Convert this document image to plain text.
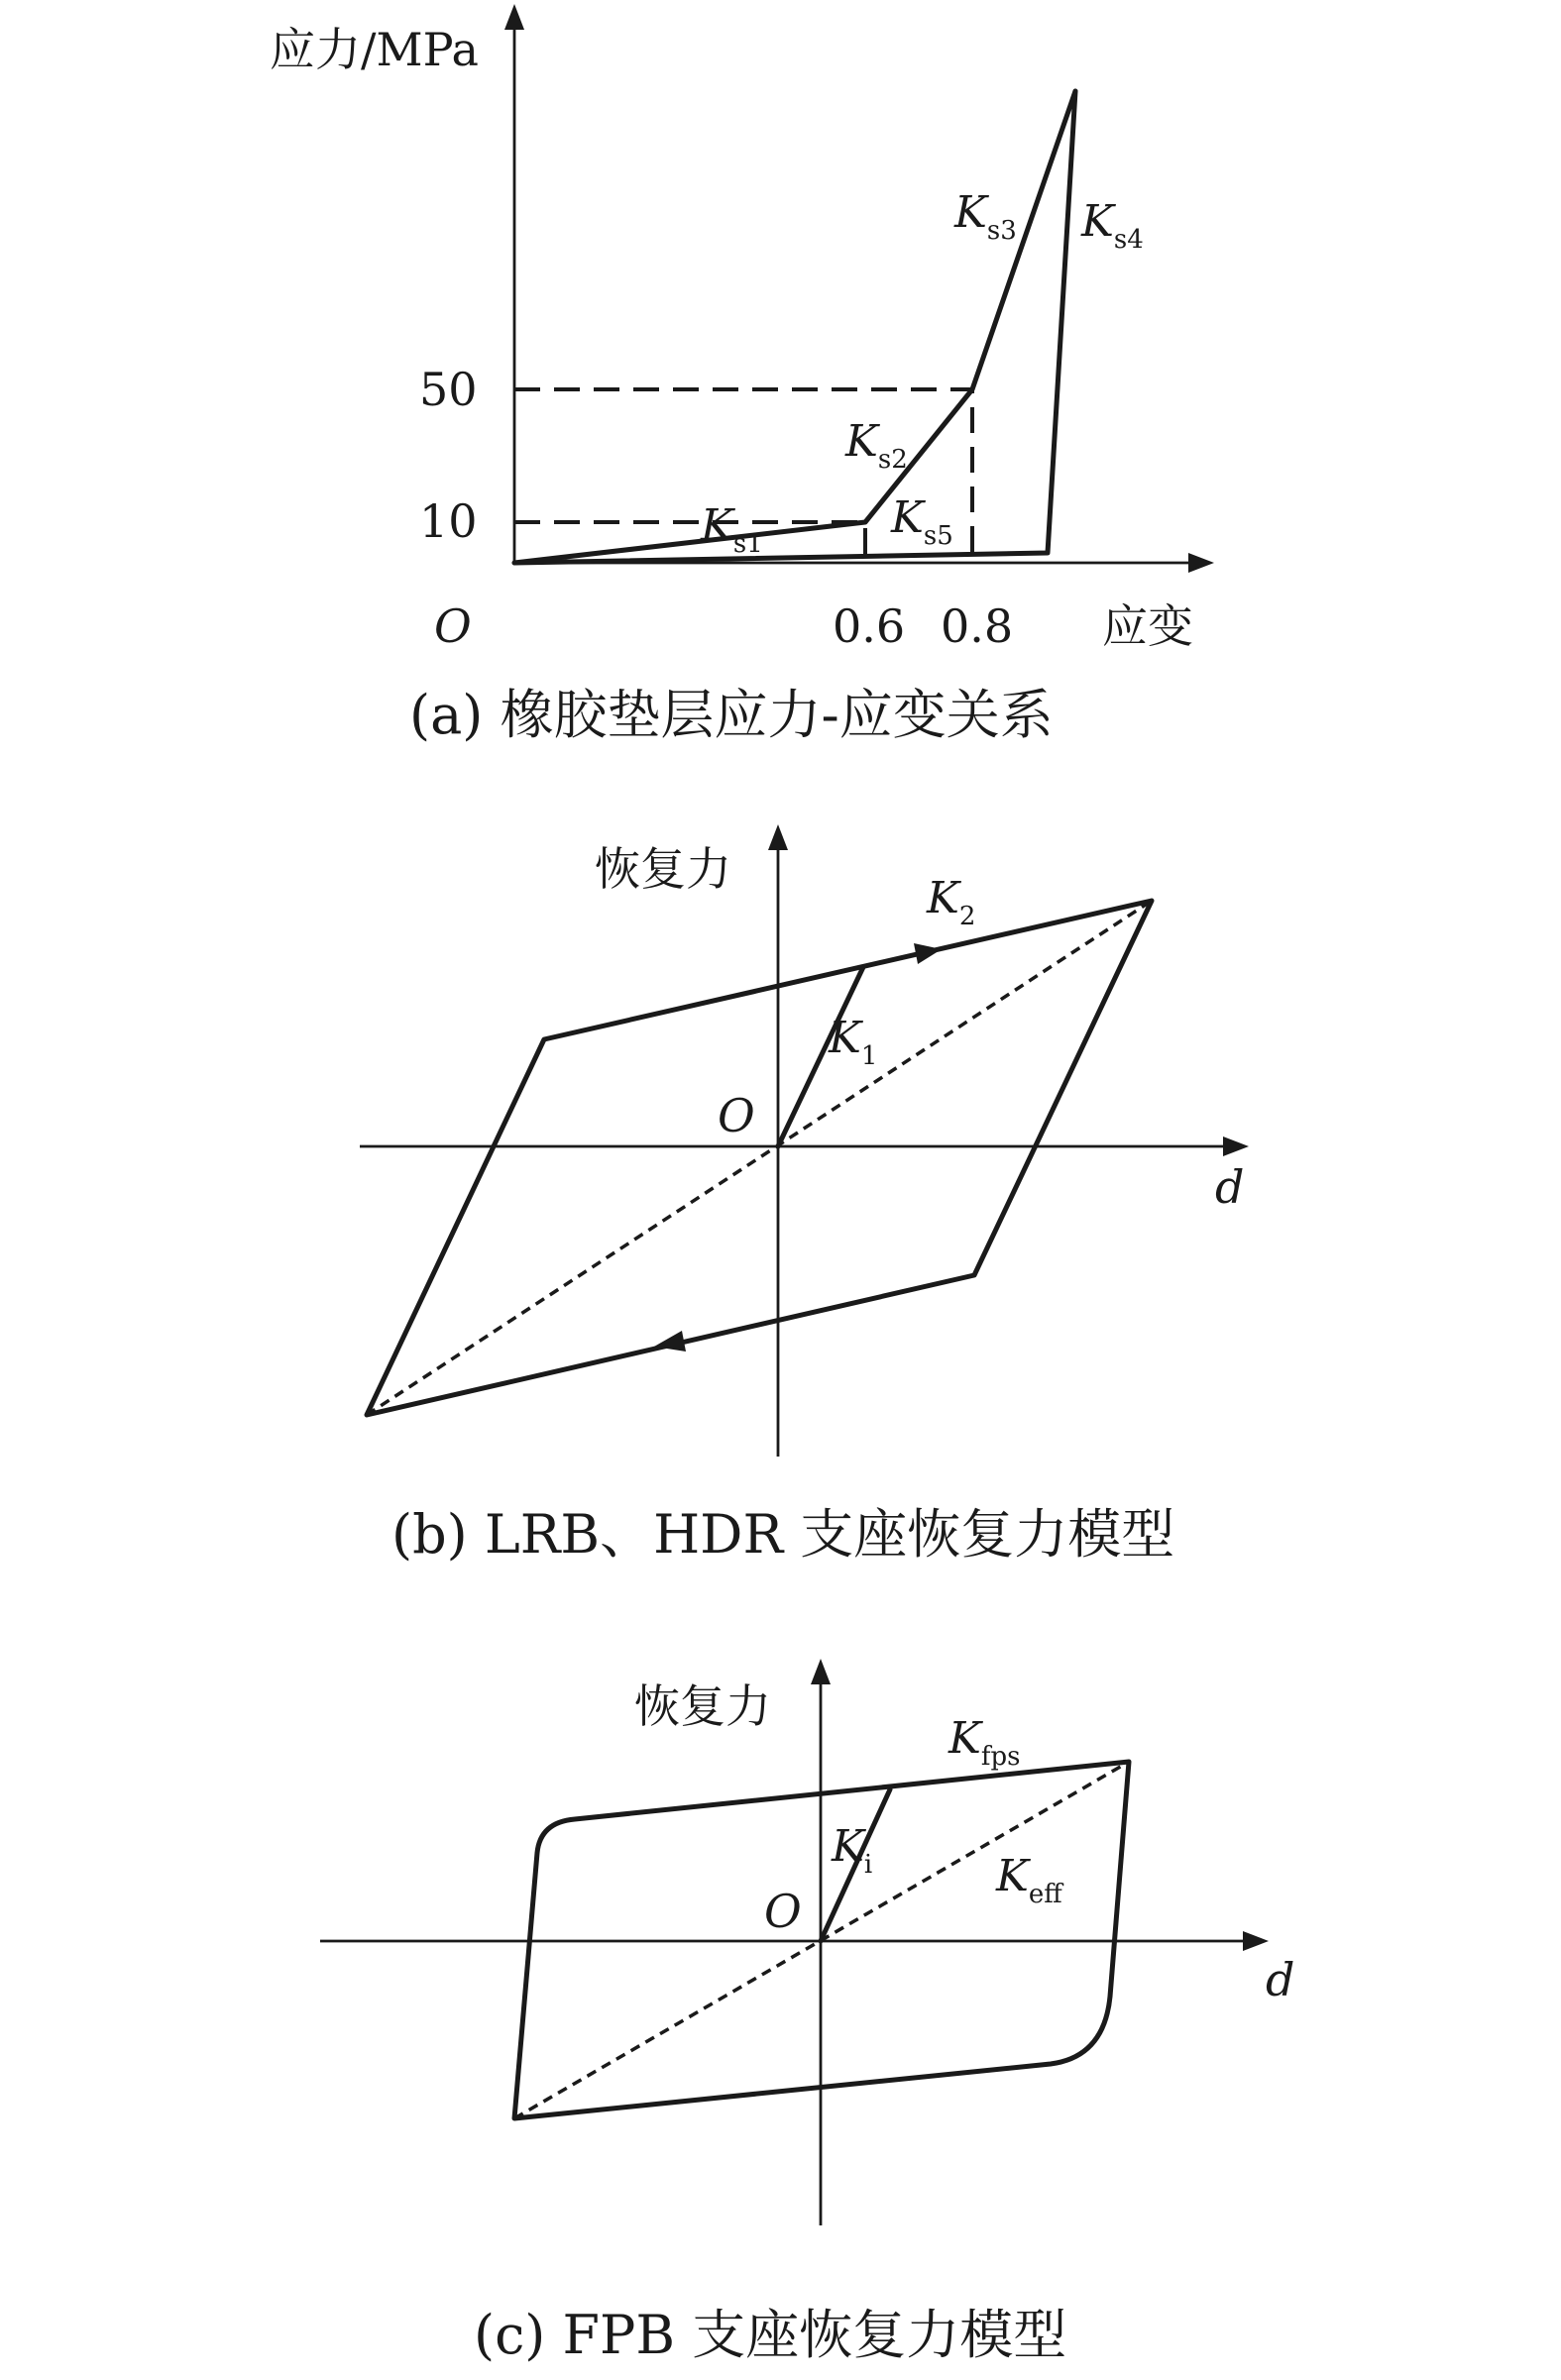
应力/MPa
应变
O
50
10
0.6 0.8
$K_{s1}$
$K_{s2}$
$K_{s3}$ $K_{s4}$
$K_{s5}$
(a) 橡胶垫层应力-应变关系
恢复力
d
O
$K_2$
$K_1$
(b) LRB、HDR 支座恢复力模型
恢复力
d
O
$K_{fps}$
$K_i$	$K_{eff}$
(c) FPB 支座恢复力模型
